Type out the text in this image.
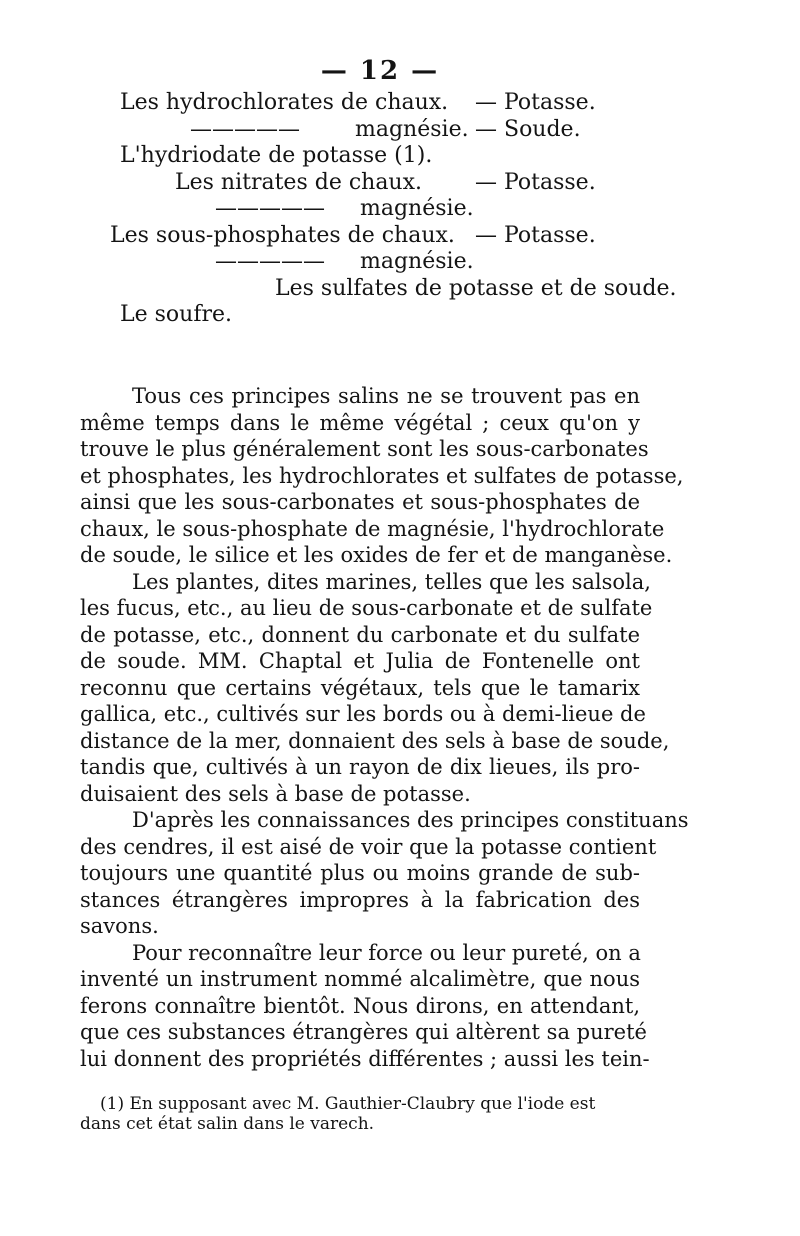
— 12 —
Les hydrochlorates de chaux. — Potasse.
—————	magnésie. — Soude.
L'hydriodate de potasse (1).
Les nitrates de chaux. — Potasse.
————— magnésie.
Les sous-phosphates de chaux. — Potasse.
————— magnésie.
Les sulfates de potasse et de soude.
Le soufre.

Tous ces principes salins ne se trouvent pas en
même temps dans le même végétal ; ceux qu'on y
trouve le plus généralement sont les sous-carbonates
et phosphates, les hydrochlorates et sulfates de potasse,
ainsi que les sous-carbonates et sous-phosphates de
chaux, le sous-phosphate de magnésie, l'hydrochlorate
de soude, le silice et les oxides de fer et de manganèse.

Les plantes, dites marines, telles que les salsola,
les fucus, etc., au lieu de sous-carbonate et de sulfate
de potasse, etc., donnent du carbonate et du sulfate
de soude. MM. Chaptal et Julia de Fontenelle ont
reconnu que certains végétaux, tels que le tamarix
gallica, etc., cultivés sur les bords ou à demi-lieue de
distance de la mer, donnaient des sels à base de soude,
tandis que, cultivés à un rayon de dix lieues, ils pro-
duisaient des sels à base de potasse.

D'après les connaissances des principes constituans
des cendres, il est aisé de voir que la potasse contient
toujours une quantité plus ou moins grande de sub-
stances étrangères impropres à la fabrication des
savons.

Pour reconnaître leur force ou leur pureté, on a
inventé un instrument nommé alcalimètre, que nous
ferons connaître bientôt. Nous dirons, en attendant,
que ces substances étrangères qui altèrent sa pureté
lui donnent des propriétés différentes ; aussi les tein-

(1) En supposant avec M. Gauthier-Claubry que l'iode est
dans cet état salin dans le varech.
